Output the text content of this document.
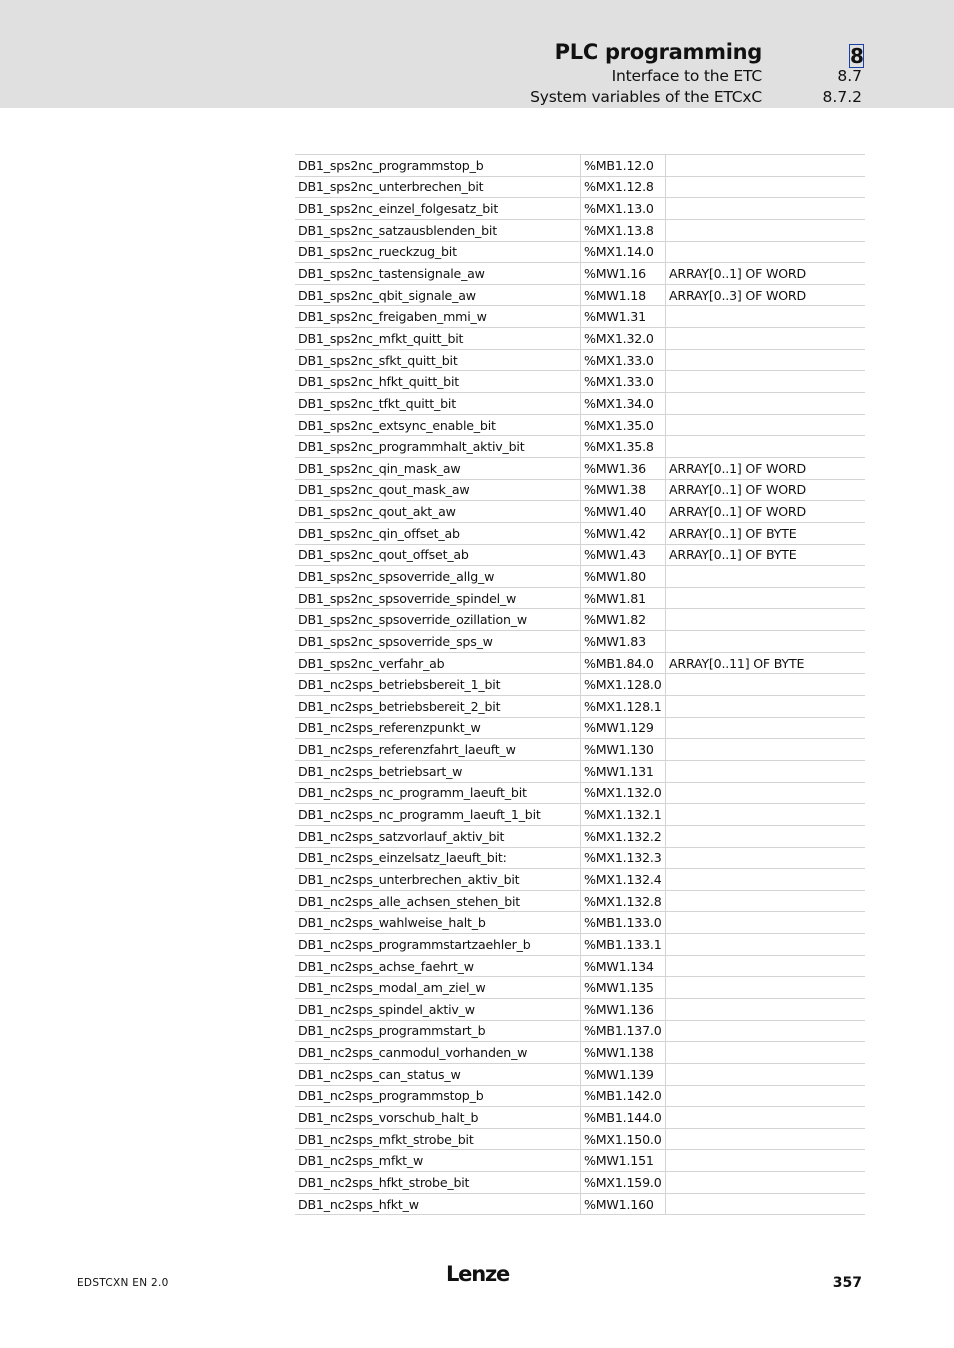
PLC programming	8
Interface to the ETC	8.7
System variables of the ETCxC	8.7.2
DB1_sps2nc_programmstop_b	%MB1.12.0	
DB1_sps2nc_unterbrechen_bit	%MX1.12.8	
DB1_sps2nc_einzel_folgesatz_bit	%MX1.13.0	
DB1_sps2nc_satzausblenden_bit	%MX1.13.8	
DB1_sps2nc_rueckzug_bit	%MX1.14.0	
DB1_sps2nc_tastensignale_aw	%MW1.16	ARRAY[0..1] OF WORD
DB1_sps2nc_qbit_signale_aw	%MW1.18	ARRAY[0..3] OF WORD
DB1_sps2nc_freigaben_mmi_w	%MW1.31	
DB1_sps2nc_mfkt_quitt_bit	%MX1.32.0	
DB1_sps2nc_sfkt_quitt_bit	%MX1.33.0	
DB1_sps2nc_hfkt_quitt_bit	%MX1.33.0	
DB1_sps2nc_tfkt_quitt_bit	%MX1.34.0	
DB1_sps2nc_extsync_enable_bit	%MX1.35.0	
DB1_sps2nc_programmhalt_aktiv_bit	%MX1.35.8	
DB1_sps2nc_qin_mask_aw	%MW1.36	ARRAY[0..1] OF WORD
DB1_sps2nc_qout_mask_aw	%MW1.38	ARRAY[0..1] OF WORD
DB1_sps2nc_qout_akt_aw	%MW1.40	ARRAY[0..1] OF WORD
DB1_sps2nc_qin_offset_ab	%MW1.42	ARRAY[0..1] OF BYTE
DB1_sps2nc_qout_offset_ab	%MW1.43	ARRAY[0..1] OF BYTE
DB1_sps2nc_spsoverride_allg_w	%MW1.80	
DB1_sps2nc_spsoverride_spindel_w	%MW1.81	
DB1_sps2nc_spsoverride_ozillation_w	%MW1.82	
DB1_sps2nc_spsoverride_sps_w	%MW1.83	
DB1_sps2nc_verfahr_ab	%MB1.84.0	ARRAY[0..11] OF BYTE
DB1_nc2sps_betriebsbereit_1_bit	%MX1.128.0	
DB1_nc2sps_betriebsbereit_2_bit	%MX1.128.1	
DB1_nc2sps_referenzpunkt_w	%MW1.129	
DB1_nc2sps_referenzfahrt_laeuft_w	%MW1.130	
DB1_nc2sps_betriebsart_w	%MW1.131	
DB1_nc2sps_nc_programm_laeuft_bit	%MX1.132.0	
DB1_nc2sps_nc_programm_laeuft_1_bit	%MX1.132.1	
DB1_nc2sps_satzvorlauf_aktiv_bit	%MX1.132.2	
DB1_nc2sps_einzelsatz_laeuft_bit:	%MX1.132.3	
DB1_nc2sps_unterbrechen_aktiv_bit	%MX1.132.4	
DB1_nc2sps_alle_achsen_stehen_bit	%MX1.132.8	
DB1_nc2sps_wahlweise_halt_b	%MB1.133.0	
DB1_nc2sps_programmstartzaehler_b	%MB1.133.1	
DB1_nc2sps_achse_faehrt_w	%MW1.134	
DB1_nc2sps_modal_am_ziel_w	%MW1.135	
DB1_nc2sps_spindel_aktiv_w	%MW1.136	
DB1_nc2sps_programmstart_b	%MB1.137.0	
DB1_nc2sps_canmodul_vorhanden_w	%MW1.138	
DB1_nc2sps_can_status_w	%MW1.139	
DB1_nc2sps_programmstop_b	%MB1.142.0	
DB1_nc2sps_vorschub_halt_b	%MB1.144.0	
DB1_nc2sps_mfkt_strobe_bit	%MX1.150.0	
DB1_nc2sps_mfkt_w	%MW1.151	
DB1_nc2sps_hfkt_strobe_bit	%MX1.159.0	
DB1_nc2sps_hfkt_w	%MW1.160	
EDSTCXN EN 2.0	Lenze	357
